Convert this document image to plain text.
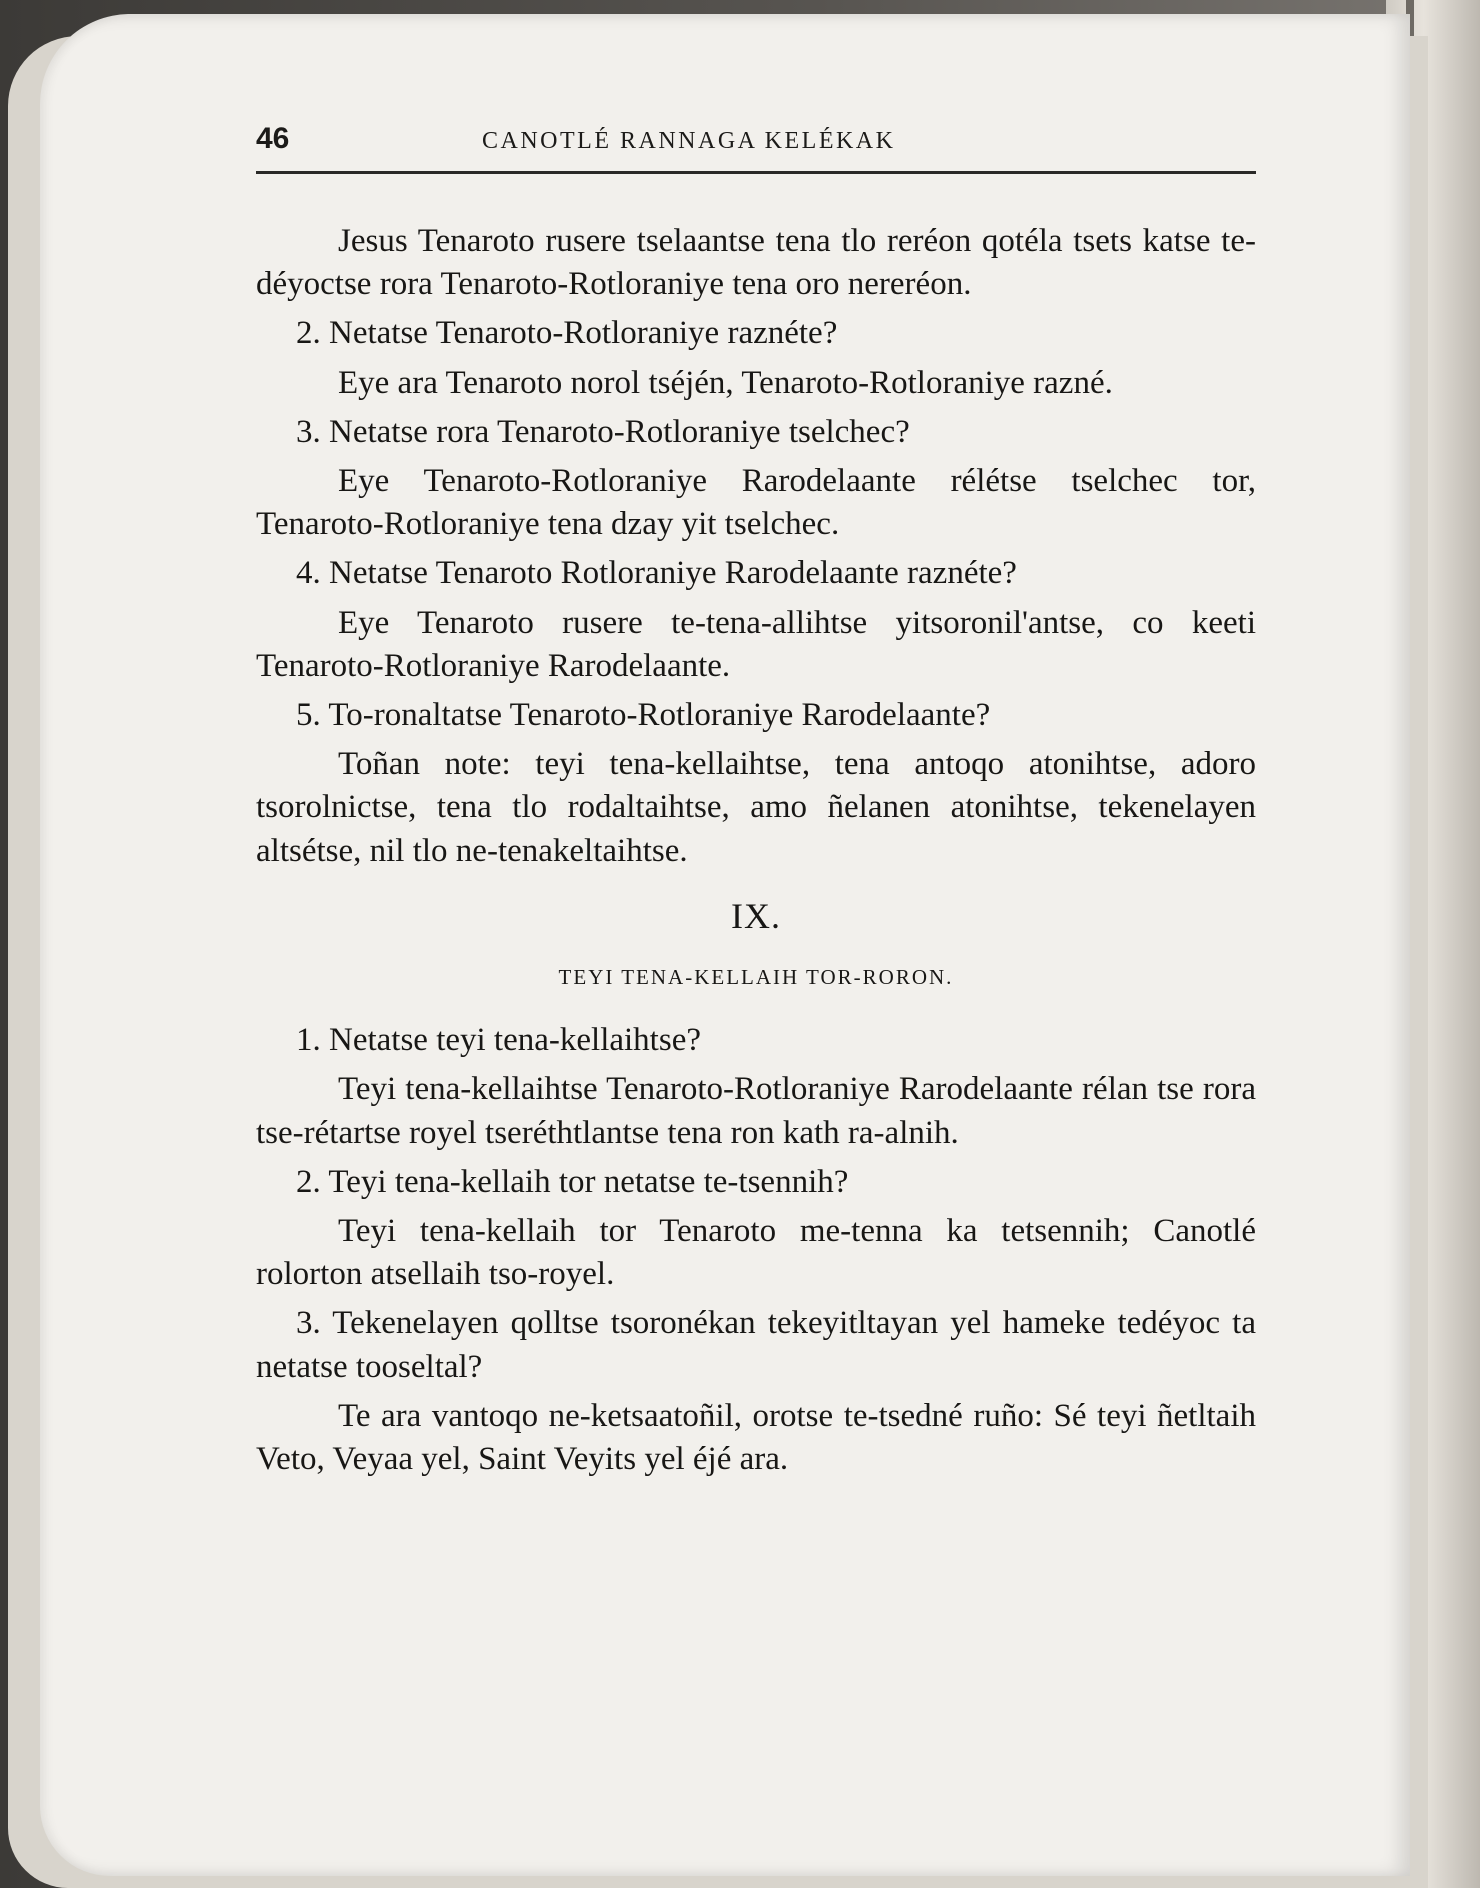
46	CANOTLÉ RANNAGA KELÉKAK

Jesus Tenaroto rusere tselaantse tena tlo reréon qotéla tsets katse te-déyoctse rora Tenaroto-Rotloraniye tena oro nereréon.

2. Netatse Tenaroto-Rotloraniye raznéte?

Eye ara Tenaroto norol tséjén, Tenaroto-Rotloraniye razné.

3. Netatse rora Tenaroto-Rotloraniye tselchec?

Eye Tenaroto-Rotloraniye Rarodelaante rélétse tselchec tor, Tenaroto-Rotloraniye tena dzay yit tselchec.

4. Netatse Tenaroto Rotloraniye Rarodelaante raznéte?

Eye Tenaroto rusere te-tena-allihtse yitsoronil'antse, co keeti Tenaroto-Rotloraniye Rarodelaante.

5. To-ronaltatse Tenaroto-Rotloraniye Rarodelaante?

Toñan note: teyi tena-kellaihtse, tena antoqo atonihtse, adoro tsorolnictse, tena tlo rodaltaihtse, amo ñelanen atonihtse, tekenelayen altsétse, nil tlo ne-tenakeltaihtse.

IX.

TEYI TENA-KELLAIH TOR-RORON.

1. Netatse teyi tena-kellaihtse?

Teyi tena-kellaihtse Tenaroto-Rotloraniye Rarodelaante rélan tse rora tse-rétartse royel tseréthtlantse tena ron kath ra-alnih.

2. Teyi tena-kellaih tor netatse te-tsennih?

Teyi tena-kellaih tor Tenaroto me-tenna ka tetsennih; Canotlé rolorton atsellaih tso-royel.

3. Tekenelayen qolltse tsoronékan tekeyitltayan yel hameke tedéyoc ta netatse tooseltal?

Te ara vantoqo ne-ketsaatoñil, orotse te-tsedné ruño: Sé teyi ñetltaih Veto, Veyaa yel, Saint Veyits yel éjé ara.
